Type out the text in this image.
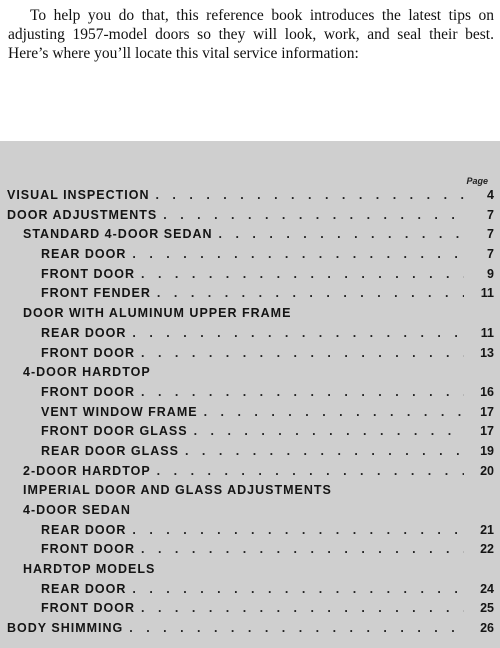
To help you do that, this reference book introduces the latest tips on adjusting 1957-model doors so they will look, work, and seal their best. Here’s where you’ll locate this vital service information:

Page
VISUAL INSPECTION . . .	4
DOOR ADJUSTMENTS . . .	7
STANDARD 4-DOOR SEDAN . . .	7
REAR DOOR . . .	7
FRONT DOOR . . .	9
FRONT FENDER . . .	11
DOOR WITH ALUMINUM UPPER FRAME
REAR DOOR . . .	11
FRONT DOOR . . .	13
4-DOOR HARDTOP
FRONT DOOR . . .	16
VENT WINDOW FRAME . . .	17
FRONT DOOR GLASS . . .	17
REAR DOOR GLASS . . .	19
2-DOOR HARDTOP . . .	20
IMPERIAL DOOR AND GLASS ADJUSTMENTS
4-DOOR SEDAN
REAR DOOR . . .	21
FRONT DOOR . . .	22
HARDTOP MODELS
REAR DOOR . . .	24
FRONT DOOR . . .	25
BODY SHIMMING . . .	26
